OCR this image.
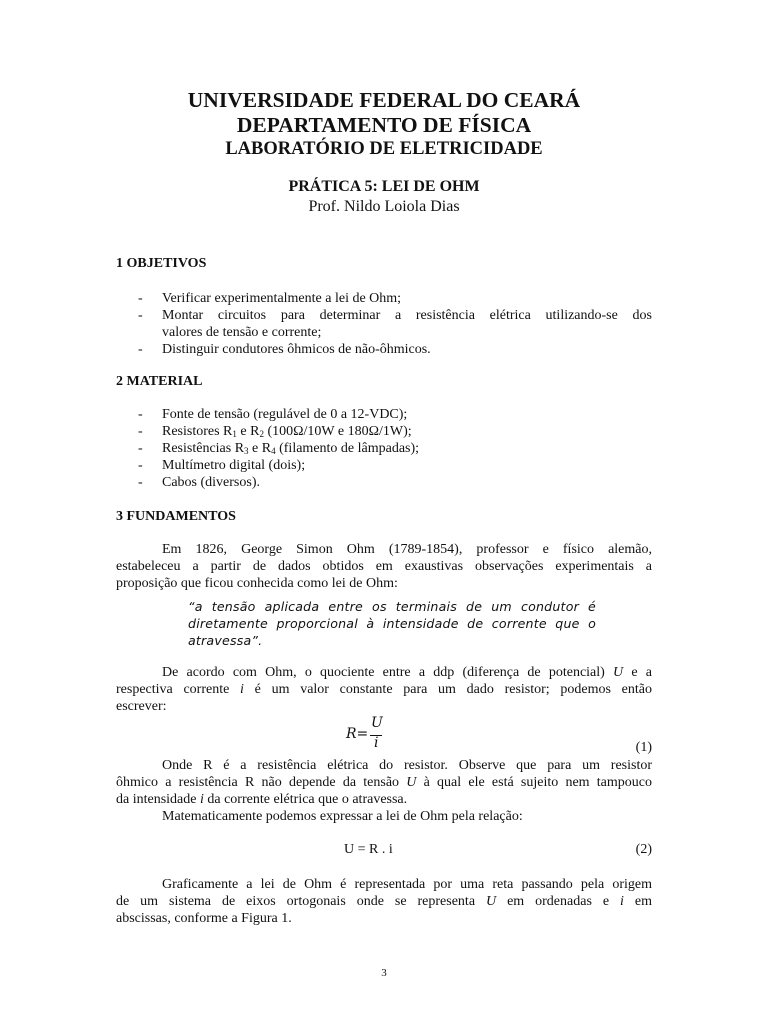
UNIVERSIDADE FEDERAL DO CEARÁ
DEPARTAMENTO DE FÍSICA
LABORATÓRIO DE ELETRICIDADE
PRÁTICA 5: LEI DE OHM
Prof. Nildo Loiola Dias
1 OBJETIVOS
- Verificar experimentalmente a lei de Ohm;
- Montar circuitos para determinar a resistência elétrica utilizando-se dos
valores de tensão e corrente;
- Distinguir condutores ôhmicos de não-ôhmicos.
2 MATERIAL
- Fonte de tensão (regulável de 0 a 12-VDC);
- Resistores $R_1$ e $R_2$ (100Ω/10W e 180Ω/1W);
- Resistências $R_3$ e $R_4$ (filamento de lâmpadas);
- Multímetro digital (dois);
- Cabos (diversos).
3 FUNDAMENTOS
Em 1826, George Simon Ohm (1789-1854), professor e físico alemão,
estabeleceu a partir de dados obtidos em exaustivas observações experimentais a
proposição que ficou conhecida como lei de Ohm:
“a tensão aplicada entre os terminais de um condutor é
diretamente proporcional à intensidade de corrente que o
atravessa”.
De acordo com Ohm, o quociente entre a ddp (diferença de potencial) U e a
respectiva corrente i é um valor constante para um dado resistor; podemos então
escrever:
R=
U
i	(1)
Onde R é a resistência elétrica do resistor. Observe que para um resistor
ôhmico a resistência R não depende da tensão U à qual ele está sujeito nem tampouco
da intensidade i da corrente elétrica que o atravessa.
Matematicamente podemos expressar a lei de Ohm pela relação:
U = R . i	(2)
Graficamente a lei de Ohm é representada por uma reta passando pela origem
de um sistema de eixos ortogonais onde se representa U em ordenadas e i em
abscissas, conforme a Figura 1.
3
